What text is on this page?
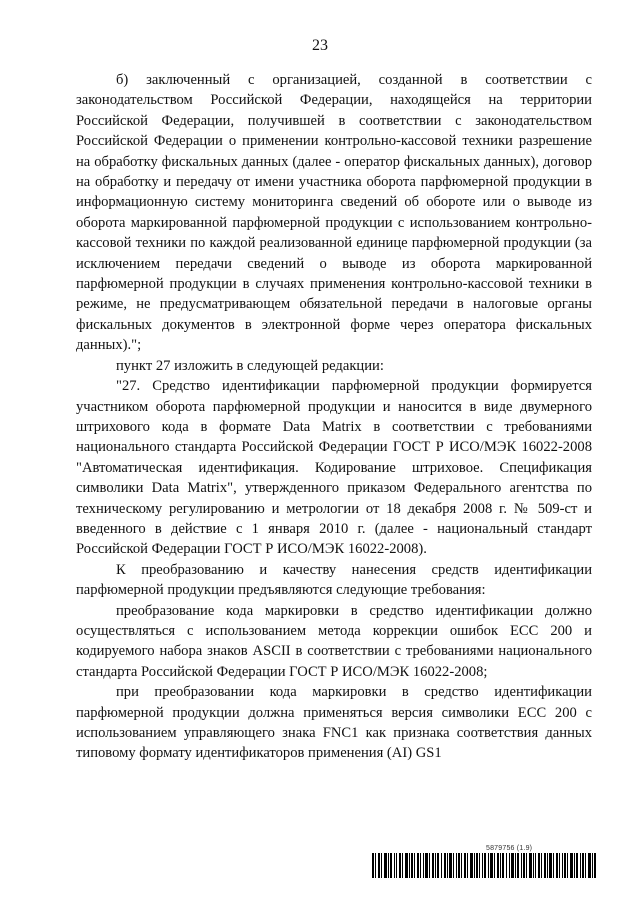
23

б) заключенный с организацией, созданной в соответствии с законодательством Российской Федерации, находящейся на территории Российской Федерации, получившей в соответствии с законодательством Российской Федерации о применении контрольно-кассовой техники разрешение на обработку фискальных данных (далее - оператор фискальных данных), договор на обработку и передачу от имени участника оборота парфюмерной продукции в информационную систему мониторинга сведений об обороте или о выводе из оборота маркированной парфюмерной продукции с использованием контрольно-кассовой техники по каждой реализованной единице парфюмерной продукции (за исключением передачи сведений о выводе из оборота маркированной парфюмерной продукции в случаях применения контрольно-кассовой техники в режиме, не предусматривающем обязательной передачи в налоговые органы фискальных документов в электронной форме через оператора фискальных данных).";

пункт 27 изложить в следующей редакции:

"27. Средство идентификации парфюмерной продукции формируется участником оборота парфюмерной продукции и наносится в виде двумерного штрихового кода в формате Data Matrix в соответствии с требованиями национального стандарта Российской Федерации ГОСТ Р ИСО/МЭК 16022-2008 "Автоматическая идентификация. Кодирование штриховое. Спецификация символики Data Matrix", утвержденного приказом Федерального агентства по техническому регулированию и метрологии от 18 декабря 2008 г. № 509-ст и введенного в действие с 1 января 2010 г. (далее - национальный стандарт Российской Федерации ГОСТ Р ИСО/МЭК 16022-2008).

К преобразованию и качеству нанесения средств идентификации парфюмерной продукции предъявляются следующие требования:

преобразование кода маркировки в средство идентификации должно осуществляться с использованием метода коррекции ошибок ЕСС 200 и кодируемого набора знаков ASCII в соответствии с требованиями национального стандарта Российской Федерации ГОСТ Р ИСО/МЭК 16022-2008;

при преобразовании кода маркировки в средство идентификации парфюмерной продукции должна применяться версия символики ЕСС 200 с использованием управляющего знака FNC1 как признака соответствия данных типовому формату идентификаторов применения (AI) GS1

5879756 (1.9)
